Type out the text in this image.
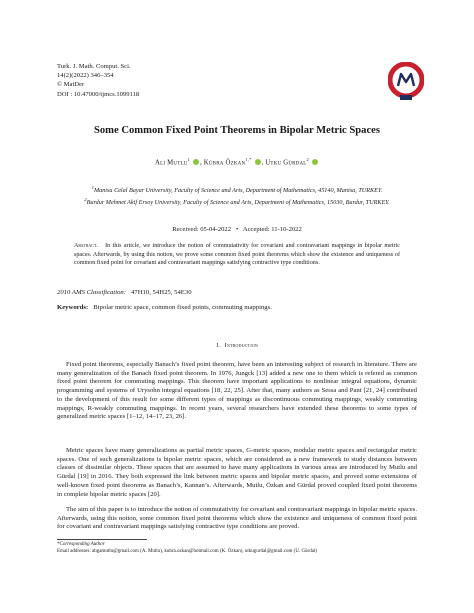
Turk. J. Math. Comput. Sci.
14(2)(2022) 346–354
© MatDer
DOI : 10.47000/tjmcs.1099118
Some Common Fixed Point Theorems in Bipolar Metric Spaces
Ali Mutlu$^1$ , Kübra Özkan$^{1,*}$ , Utku Gürdal$^2$
$^1$Manisa Celal Bayar University, Faculty of Science and Arts, Department of Mathematics, 45140, Manisa, TURKEY.
$^2$Burdur Mehmet Akif Ersoy University, Faculty of Science and Arts, Department of Mathematics, 15030, Burdur, TURKEY.
Received: 05-04-2022 • Accepted: 11-10-2022
Abstract. In this article, we introduce the notion of commutativity for covariant and contravariant mappings in bipolar metric spaces. Afterwards, by using this notion, we prove some common fixed point theorems which show the existence and uniqueness of common fixed point for covariant and contravariant mappings satisfying contractive type conditions.
2010 AMS Classification: 47H10, 54H25, 54E30
Keywords: Bipolar metric space, common fixed points, commuting mappings.
1. Introduction
Fixed point theorems, especially Banach’s fixed point theorem, have been an interesting subject of research in literature. There are many generalization of the Banach fixed point theorem. In 1976, Jungck [13] added a new one to them which is refered as common fixed point theorem for commuting mappings. This theorem have important applications to nonlinear integral equations, dynamic programming and systems of Urysohn integral equations [18, 22, 25]. After that, many authors as Sessa and Pant [21, 24] contributed to the development of this result for some different types of mappings as discontinuous commuting mappings, weakly commuting mappings, R-weakly commuting mappings. In recent years, several researchers have extended these theorems to some types of generalized metric spaces [1–12, 14–17, 23, 26].
Metric spaces have many generalizations as partial metric spaces, G-metric spaces, modular metric spaces and rectangular metric spaces. One of such generalizations is bipolar metric spaces, which are considered as a new framework to study distances between classes of dissimilar objects. These spaces that are assumed to have many applications in various areas are introduced by Mutlu and Gürdal [19] in 2016. They both expressed the link between metric spaces and bipolar metric spaces, and proved some extensions of well-known fixed point theorems as Banach’s, Kannan’s. Afterwards, Mutlu, Özkan and Gürdal proved coupled fixed point theorems in complete bipolar metric spaces [20].
The aim of this paper is to introduce the notion of commutativity for covariant and contravariant mappings in bipolar metric spaces. Afterwards, using this notion, some common fixed point theorems which show the existence and uniqueness of common fixed point for covariant and contravariant mappings satisfying contractive type conditions are proved.
*Corresponding Author
Email addresses: abgamutlu@gmail.com (A. Mutlu), kubra.ozkan@hotmail.com (K. Özkan), utkugurdal@gmail.com (U. Gürdal)
